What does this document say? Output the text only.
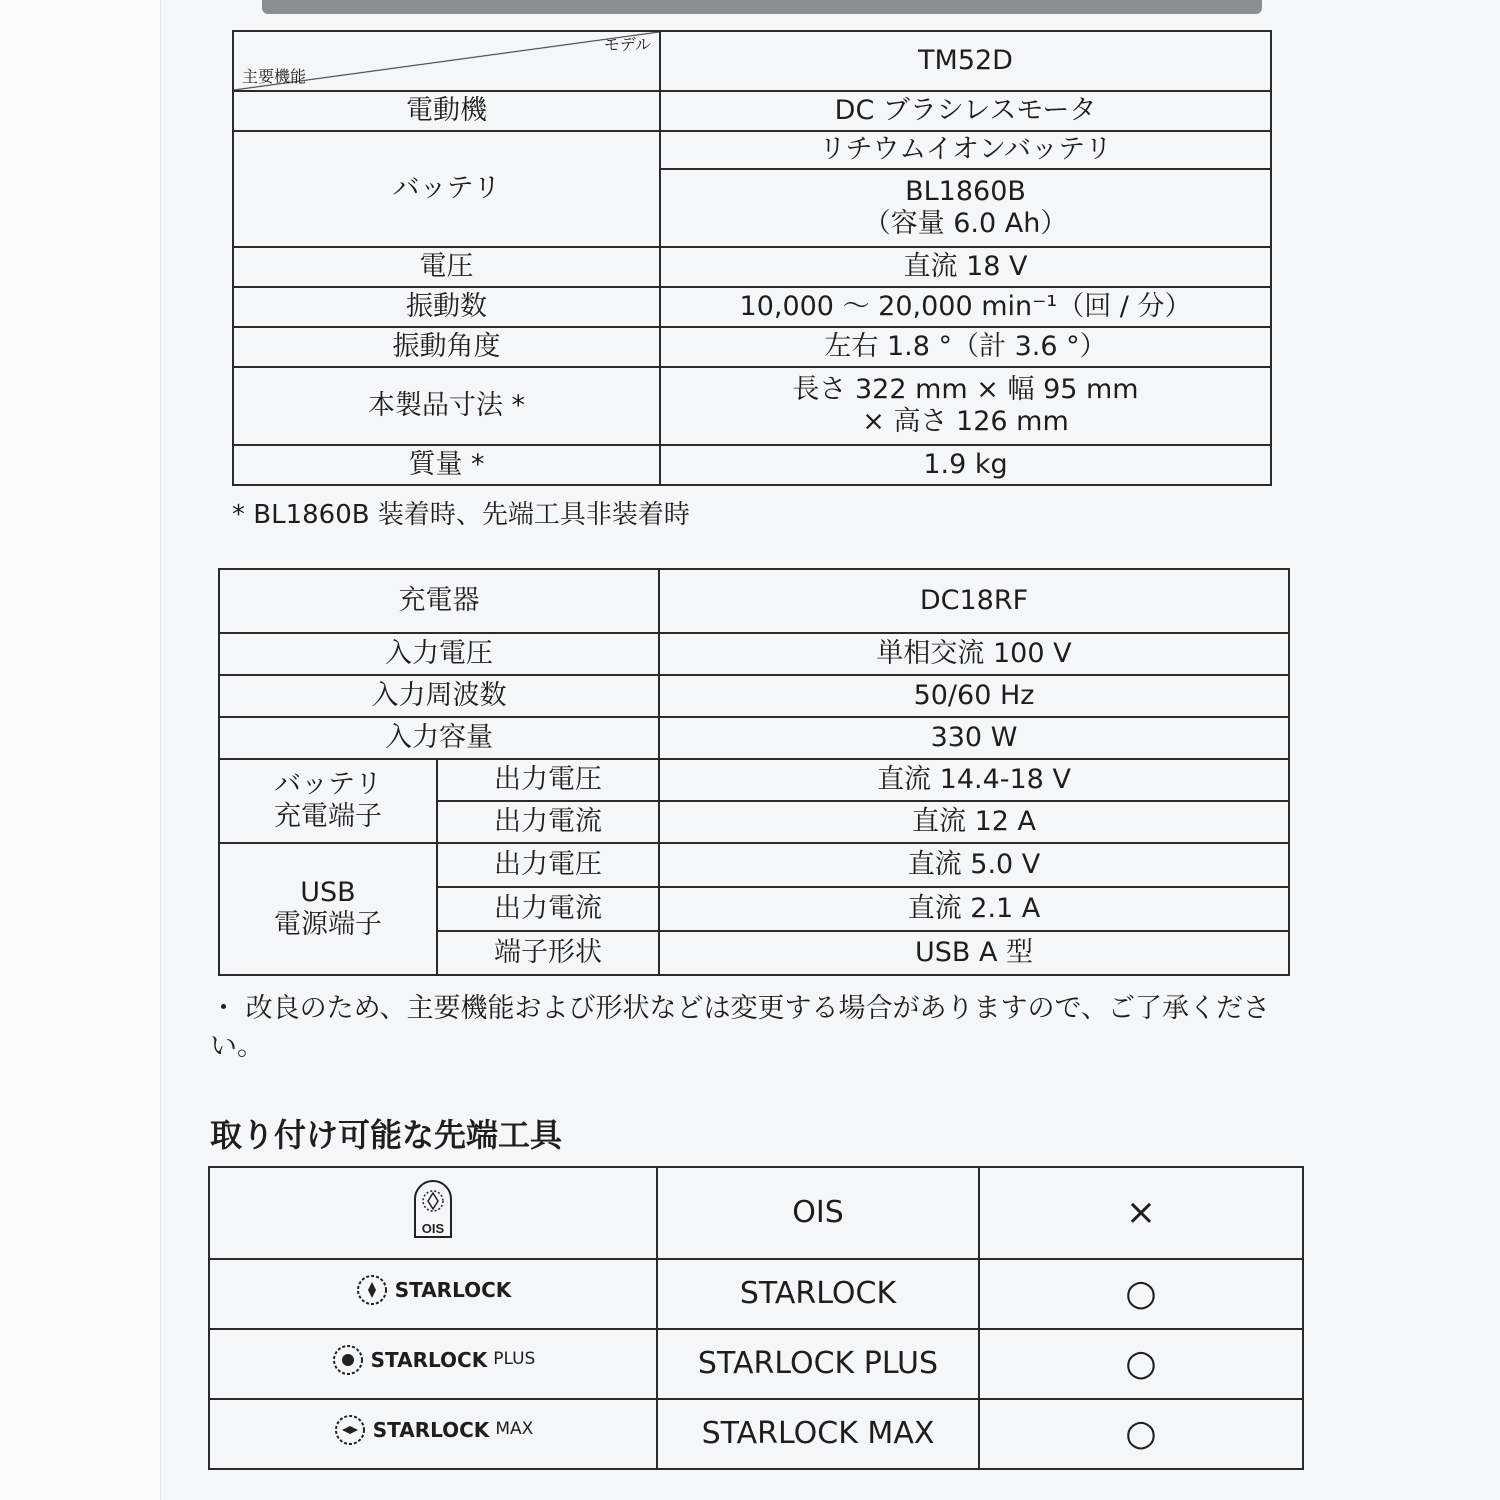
モデル
主要機能	TM52D
電動機	DC ブラシレスモータ
バッテリ	リチウムイオンバッテリ

	BL1860B
（容量 6.0 Ah）

電圧	直流 18 V
振動数	10,000 ～ 20,000 min⁻¹（回 / 分）
振動角度	左右 1.8 °（計 3.6 °）
本製品寸法 *	長さ 322 mm × 幅 95 mm
× 高さ 126 mm

質量 *	1.9 kg
* BL1860B 装着時、先端工具非装着時
充電器		DC18RF
入力電圧		単相交流 100 V
入力周波数		50/60 Hz
入力容量		330 W

バッテリ
充電端子	出力電圧	直流 14.4-18 V
	出力電流	直流 12 A

USB
電源端子	出力電圧	直流 5.0 V
	出力電流	直流 2.1 A
	端子形状	USB A 型
・ 改良のため、主要機能および形状などは変更する場合がありますので、ご了承ください。
取り付け可能な先端工具
OIS	OIS	×

STARLOCK	STARLOCK	○

STARLOCK PLUS	STARLOCK PLUS	○

STARLOCK MAX	STARLOCK MAX	○
